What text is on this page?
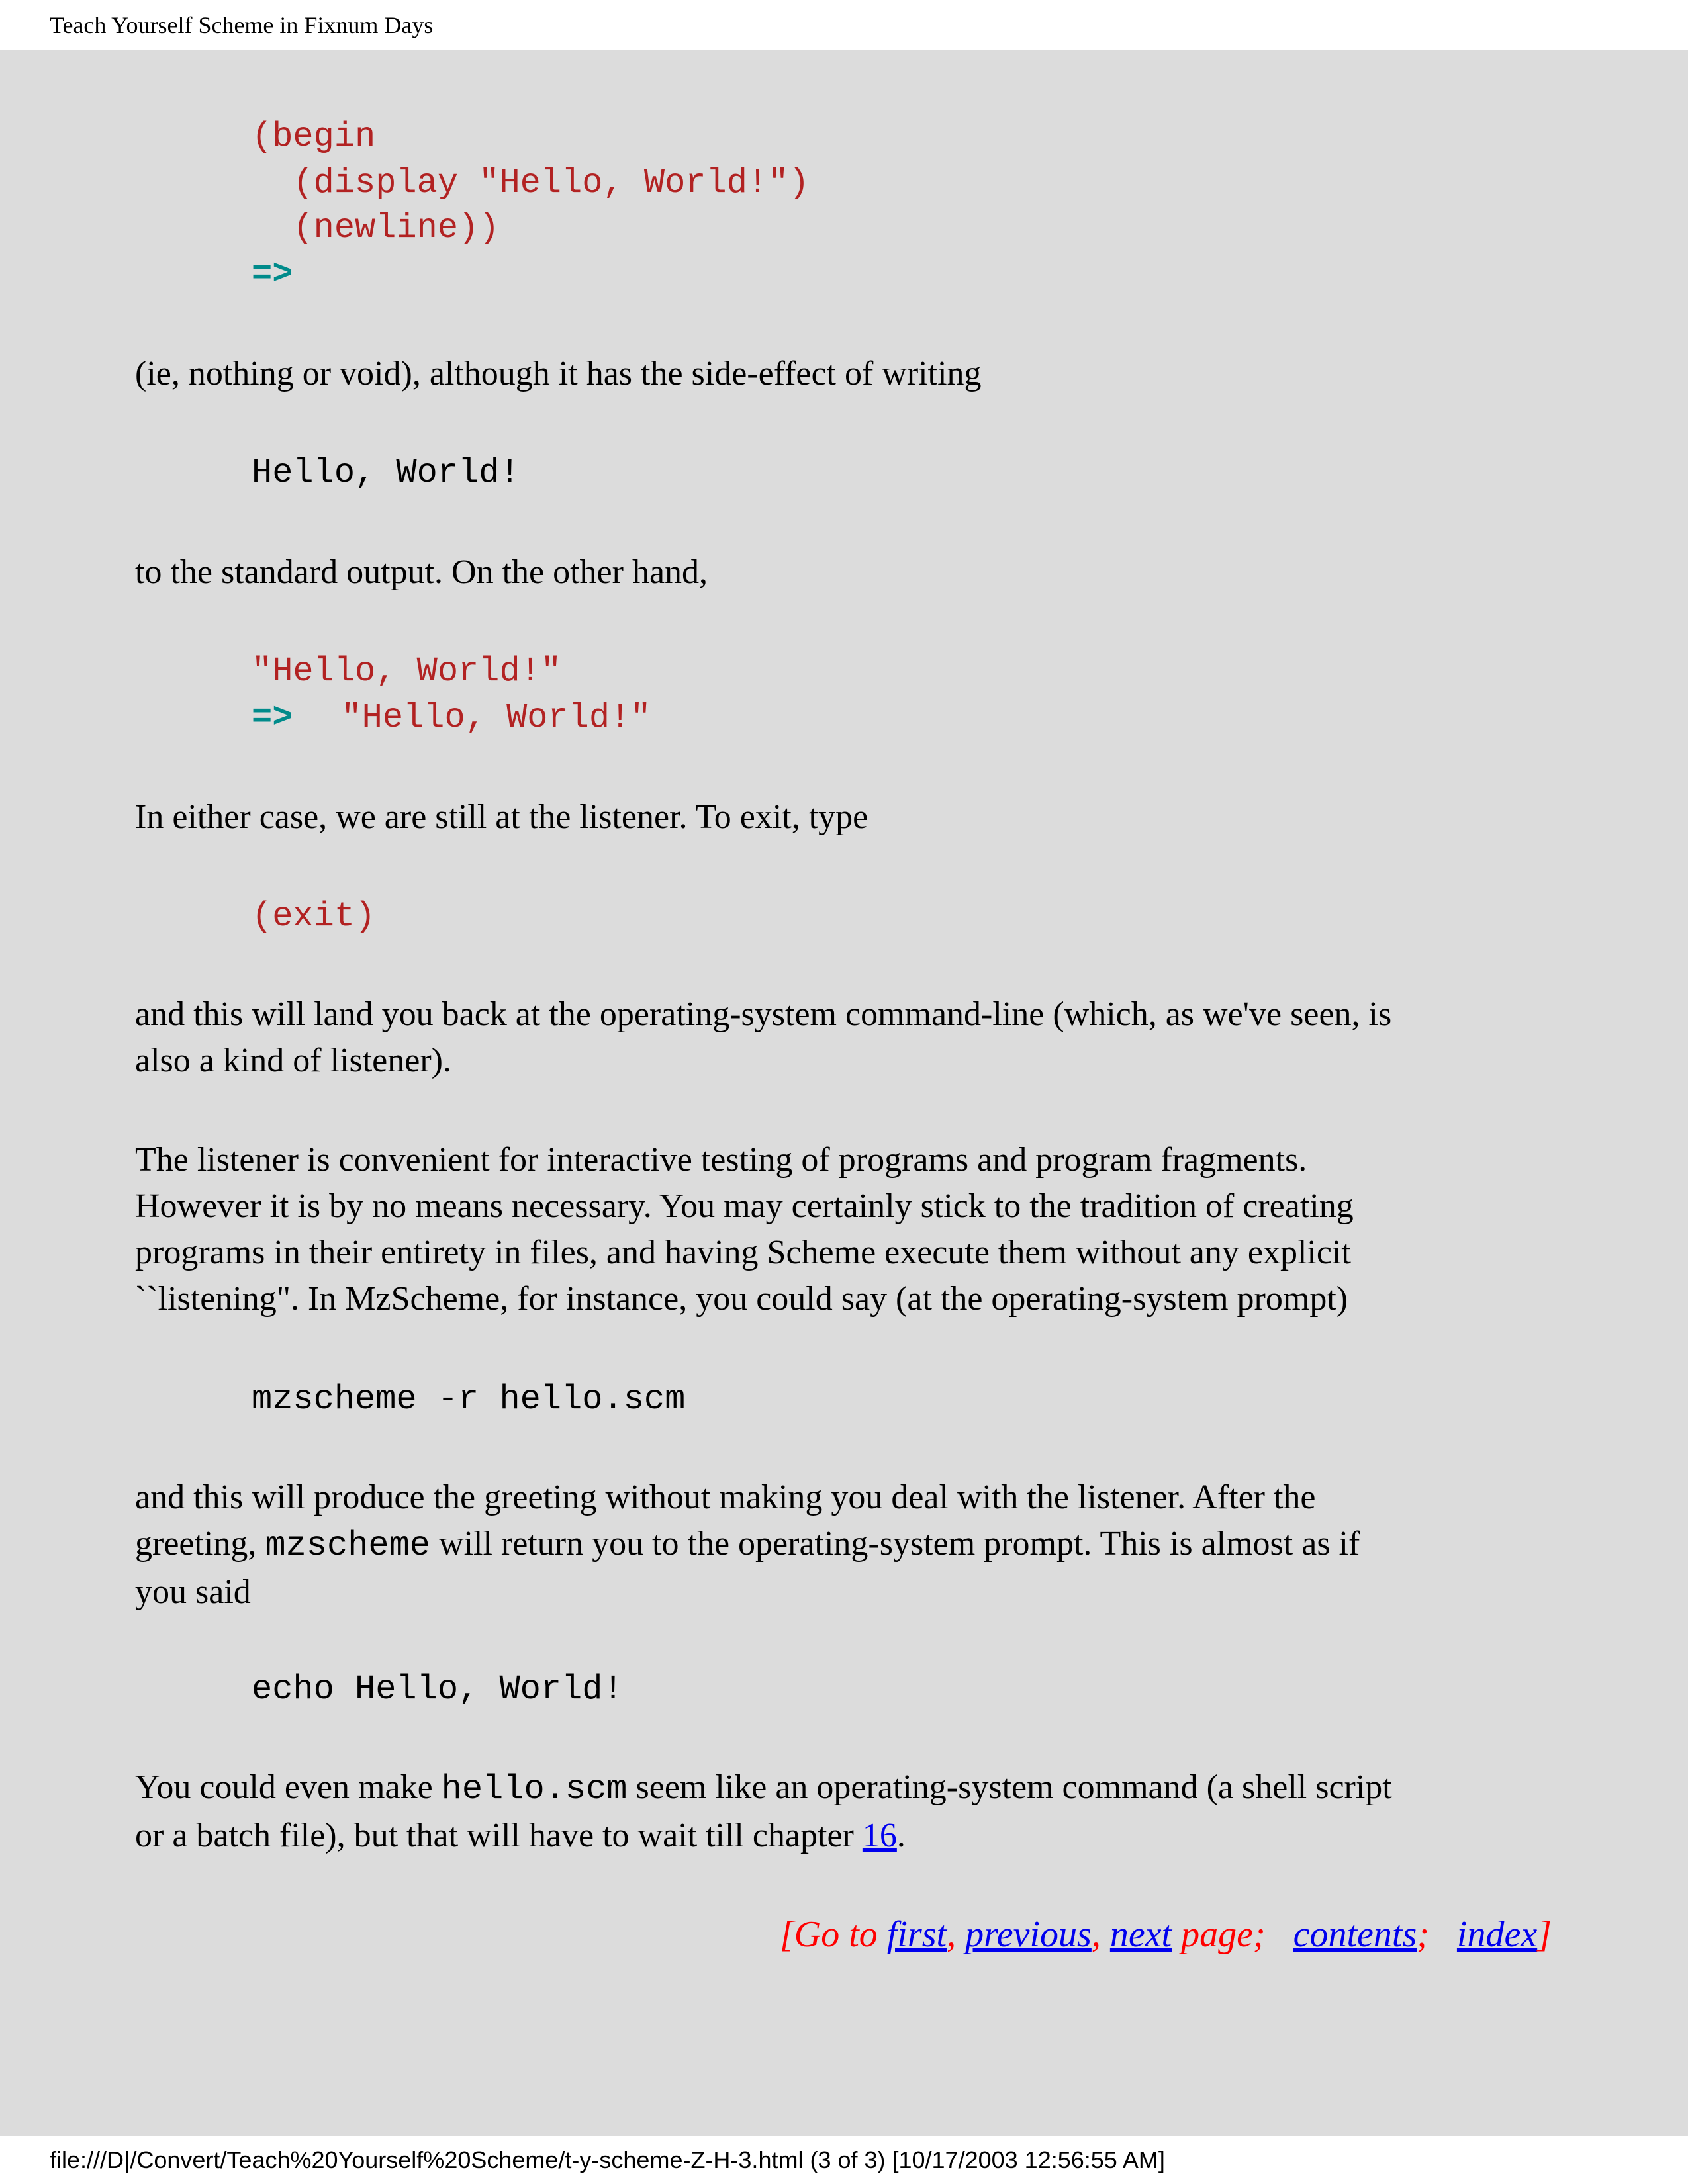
Teach Yourself Scheme in Fixnum Days
(begin
(display "Hello, World!")
(newline))
=>

(ie, nothing or void), although it has the side-effect of writing

Hello, World!

to the standard output. On the other hand,

"Hello, World!"
=> "Hello, World!"

In either case, we are still at the listener. To exit, type

(exit)
and this will land you back at the operating-system command-line (which, as we've seen, is
also a kind of listener).
The listener is convenient for interactive testing of programs and program fragments.
However it is by no means necessary. You may certainly stick to the tradition of creating
programs in their entirety in files, and having Scheme execute them without any explicit
``listening". In MzScheme, for instance, you could say (at the operating-system prompt)
mzscheme -r hello.scm
and this will produce the greeting without making you deal with the listener. After the
greeting, mzscheme will return you to the operating-system prompt. This is almost as if
you said
echo Hello, World!
You could even make hello.scm seem like an operating-system command (a shell script
or a batch file), but that will have to wait till chapter 16.
[Go to first, previous, next page;   contents;   index]
file:///D|/Convert/Teach%20Yourself%20Scheme/t-y-scheme-Z-H-3.html (3 of 3) [10/17/2003 12:56:55 AM]
